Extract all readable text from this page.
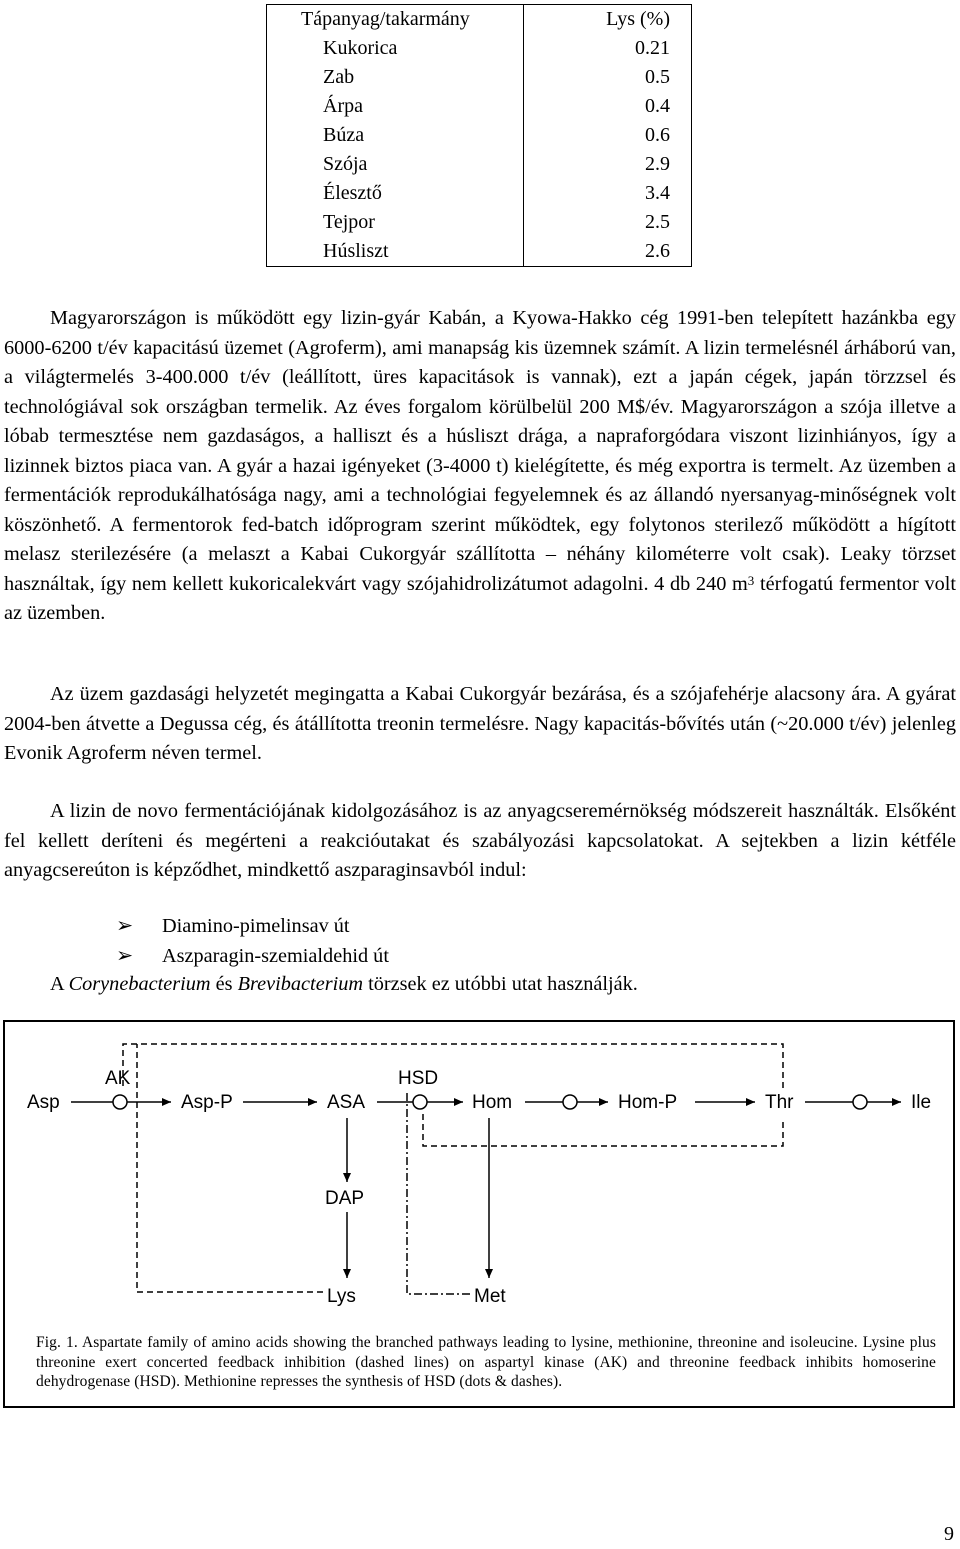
Tápanyag/takarmány	Lys (%)
Kukorica	0.21
Zab	0.5
Árpa	0.4
Búza	0.6
Szója	2.9
Élesztő	3.4
Tejpor	2.5
Húsliszt	2.6

Magyarországon is működött egy lizin-gyár Kabán, a Kyowa-Hakko cég 1991-ben telepített hazánkba egy 6000-6200 t/év kapacitású üzemet (Agroferm), ami manapság kis üzemnek számít. A lizin termelésnél árháború van, a világtermelés 3-400.000 t/év (leállított, üres kapacitások is vannak), ezt a japán cégek, japán törzzsel és technológiával sok országban termelik. Az éves forgalom körülbelül 200 M$/év. Magyarországon a szója illetve a lóbab termesztése nem gazdaságos, a halliszt és a húsliszt drága, a napraforgódara viszont lizinhiányos, így a lizinnek biztos piaca van. A gyár a hazai igényeket (3-4000 t) kielégítette, és még exportra is termelt. Az üzemben a fermentációk reprodukálhatósága nagy, ami a technológiai fegyelemnek és az állandó nyersanyag-minőségnek volt köszönhető. A fermentorok fed-batch időprogram szerint működtek, egy folytonos sterilező működött a hígított melasz sterilezésére (a melaszt a Kabai Cukorgyár szállította – néhány kilométerre volt csak). Leaky törzset használtak, így nem kellett kukoricalekvárt vagy szójahidrolizátumot adagolni. 4 db 240 $m^3$ térfogatú fermentor volt az üzemben.

Az üzem gazdasági helyzetét megingatta a Kabai Cukorgyár bezárása, és a szójafehérje alacsony ára. A gyárat 2004-ben átvette a Degussa cég, és átállította treonin termelésre. Nagy kapacitás-bővítés után (~20.000 t/év) jelenleg Evonik Agroferm néven termel.

A lizin de novo fermentációjának kidolgozásához is az anyagcseremérnökség módszereit használták. Elsőként fel kellett deríteni és megérteni a reakcióutakat és szabályozási kapcsolatokat. A sejtekben a lizin kétféle anyagcsereúton is képződhet, mindkettő aszparaginsavból indul:

➢ Diamino-pimelinsav út
➢ Aszparagin-szemialdehid út
A Corynebacterium és Brevibacterium törzsek ez utóbbi utat használják.
Asp	Asp-P	ASA	Hom	Hom-P	Thr	Ile
DAP
Lys	Met
AK	HSD
Fig. 1. Aspartate family of amino acids showing the branched pathways leading to lysine, methionine, threonine and isoleucine. Lysine plus threonine exert concerted feedback inhibition (dashed lines) on aspartyl kinase (AK) and threonine feedback inhibits homoserine dehydrogenase (HSD). Methionine represses the synthesis of HSD (dots & dashes).
9
